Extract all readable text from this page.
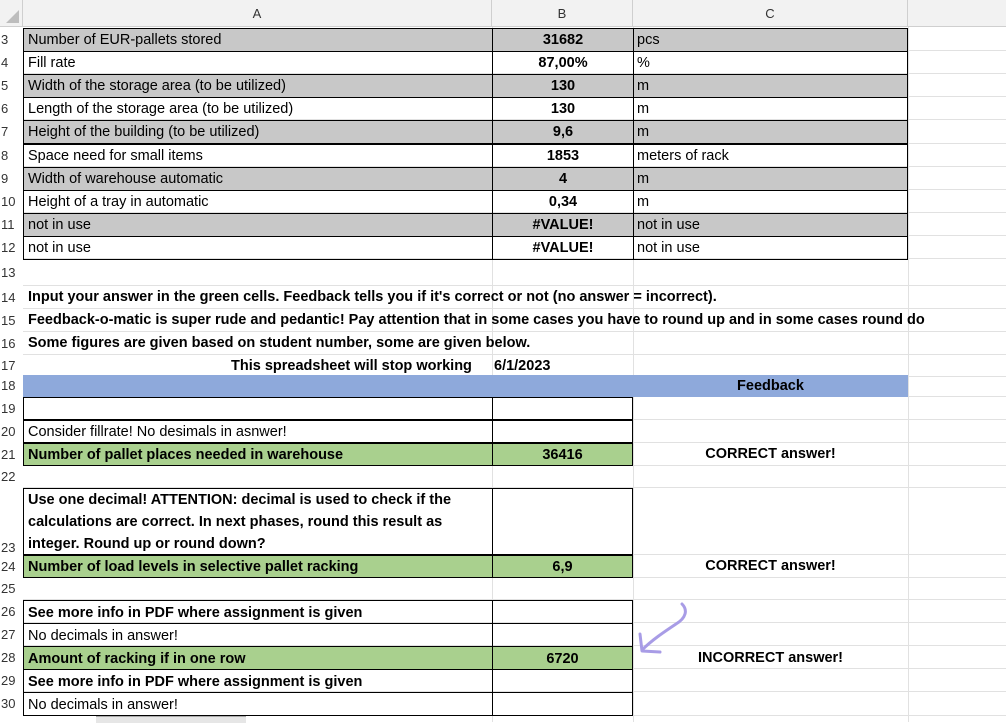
A	B	C
3
4
5
6
7
8
9
10
11
12
13
14
15
16
17
18
19
20
21
22
23
24
25
26
27
28
29
30
Number of EUR-pallets stored	31682	pcs
Fill rate	87,00%	%
Width of the storage area (to be utilized)	130	m
Length of the storage area (to be utilized)	130	m
Height of the building (to be utilized)	9,6	m
Space need for small items	1853	meters of rack
Width of warehouse automatic	4	m
Height of a tray in automatic	0,34	m
not in use	#VALUE!	not in use
not in use	#VALUE!	not in use
Input your answer in the green cells. Feedback tells you if it's correct or not (no answer = incorrect).
Feedback-o-matic is super rude and pedantic! Pay attention that in some cases you have to round up and in some cases round do
Some figures are given based on student number, some are given below.
This spreadsheet will stop working 6/1/2023
Feedback
Consider fillrate! No desimals in asnwer!
Number of pallet places needed in warehouse	36416	CORRECT answer!
Use one decimal! ATTENTION: decimal is used to check if the
calculations are correct. In next phases, round this result as
integer. Round up or round down?
Number of load levels in selective pallet racking	6,9	CORRECT answer!
See more info in PDF where assignment is given
No decimals in answer!
Amount of racking if in one row	6720	INCORRECT answer!
See more info in PDF where assignment is given
No decimals in answer!
